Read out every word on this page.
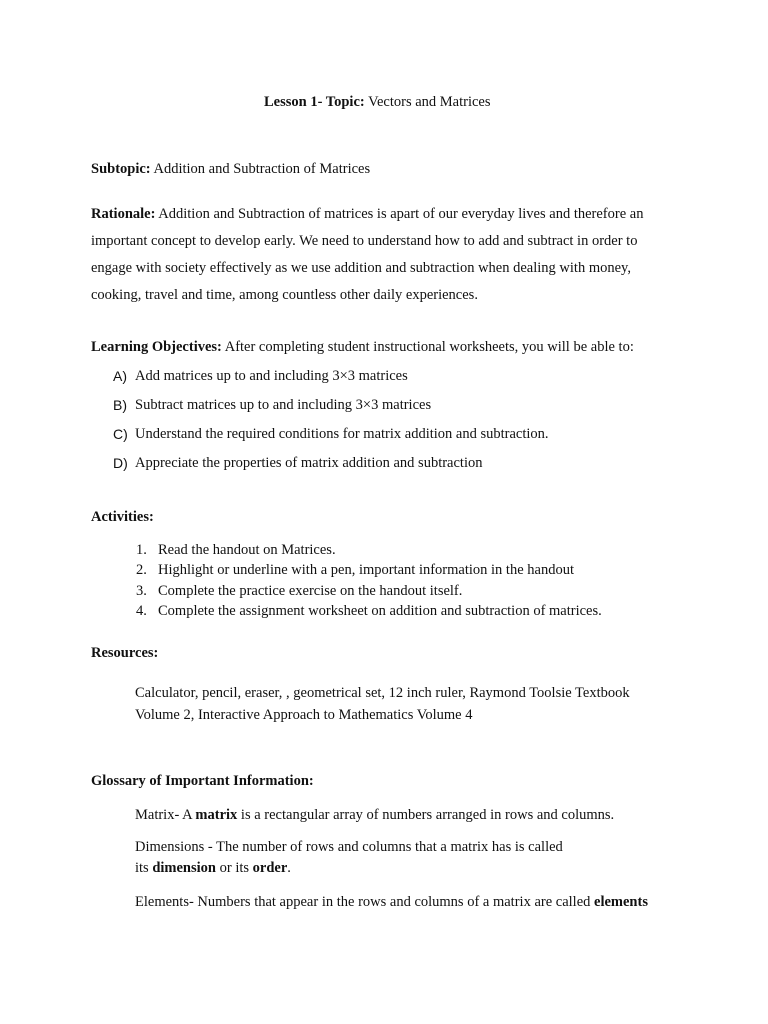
Lesson 1- Topic: Vectors and Matrices
Subtopic: Addition and Subtraction of Matrices
Rationale: Addition and Subtraction of matrices is apart of our everyday lives and therefore an
important concept to develop early. We need to understand how to add and subtract in order to
engage with society effectively as we use addition and subtraction when dealing with money,
cooking, travel and time, among countless other daily experiences.
Learning Objectives: After completing student instructional worksheets, you will be able to:
A) Add matrices up to and including 3×3 matrices
B) Subtract matrices up to and including 3×3 matrices
C) Understand the required conditions for matrix addition and subtraction.
D) Appreciate the properties of matrix addition and subtraction
Activities:
1. Read the handout on Matrices.
2. Highlight or underline with a pen, important information in the handout
3. Complete the practice exercise on the handout itself.
4. Complete the assignment worksheet on addition and subtraction of matrices.
Resources:
Calculator, pencil, eraser, , geometrical set, 12 inch ruler, Raymond Toolsie Textbook
Volume 2, Interactive Approach to Mathematics Volume 4
Glossary of Important Information:
Matrix- A matrix is a rectangular array of numbers arranged in rows and columns.
Dimensions - The number of rows and columns that a matrix has is called
its dimension or its order.
Elements- Numbers that appear in the rows and columns of a matrix are called elements
